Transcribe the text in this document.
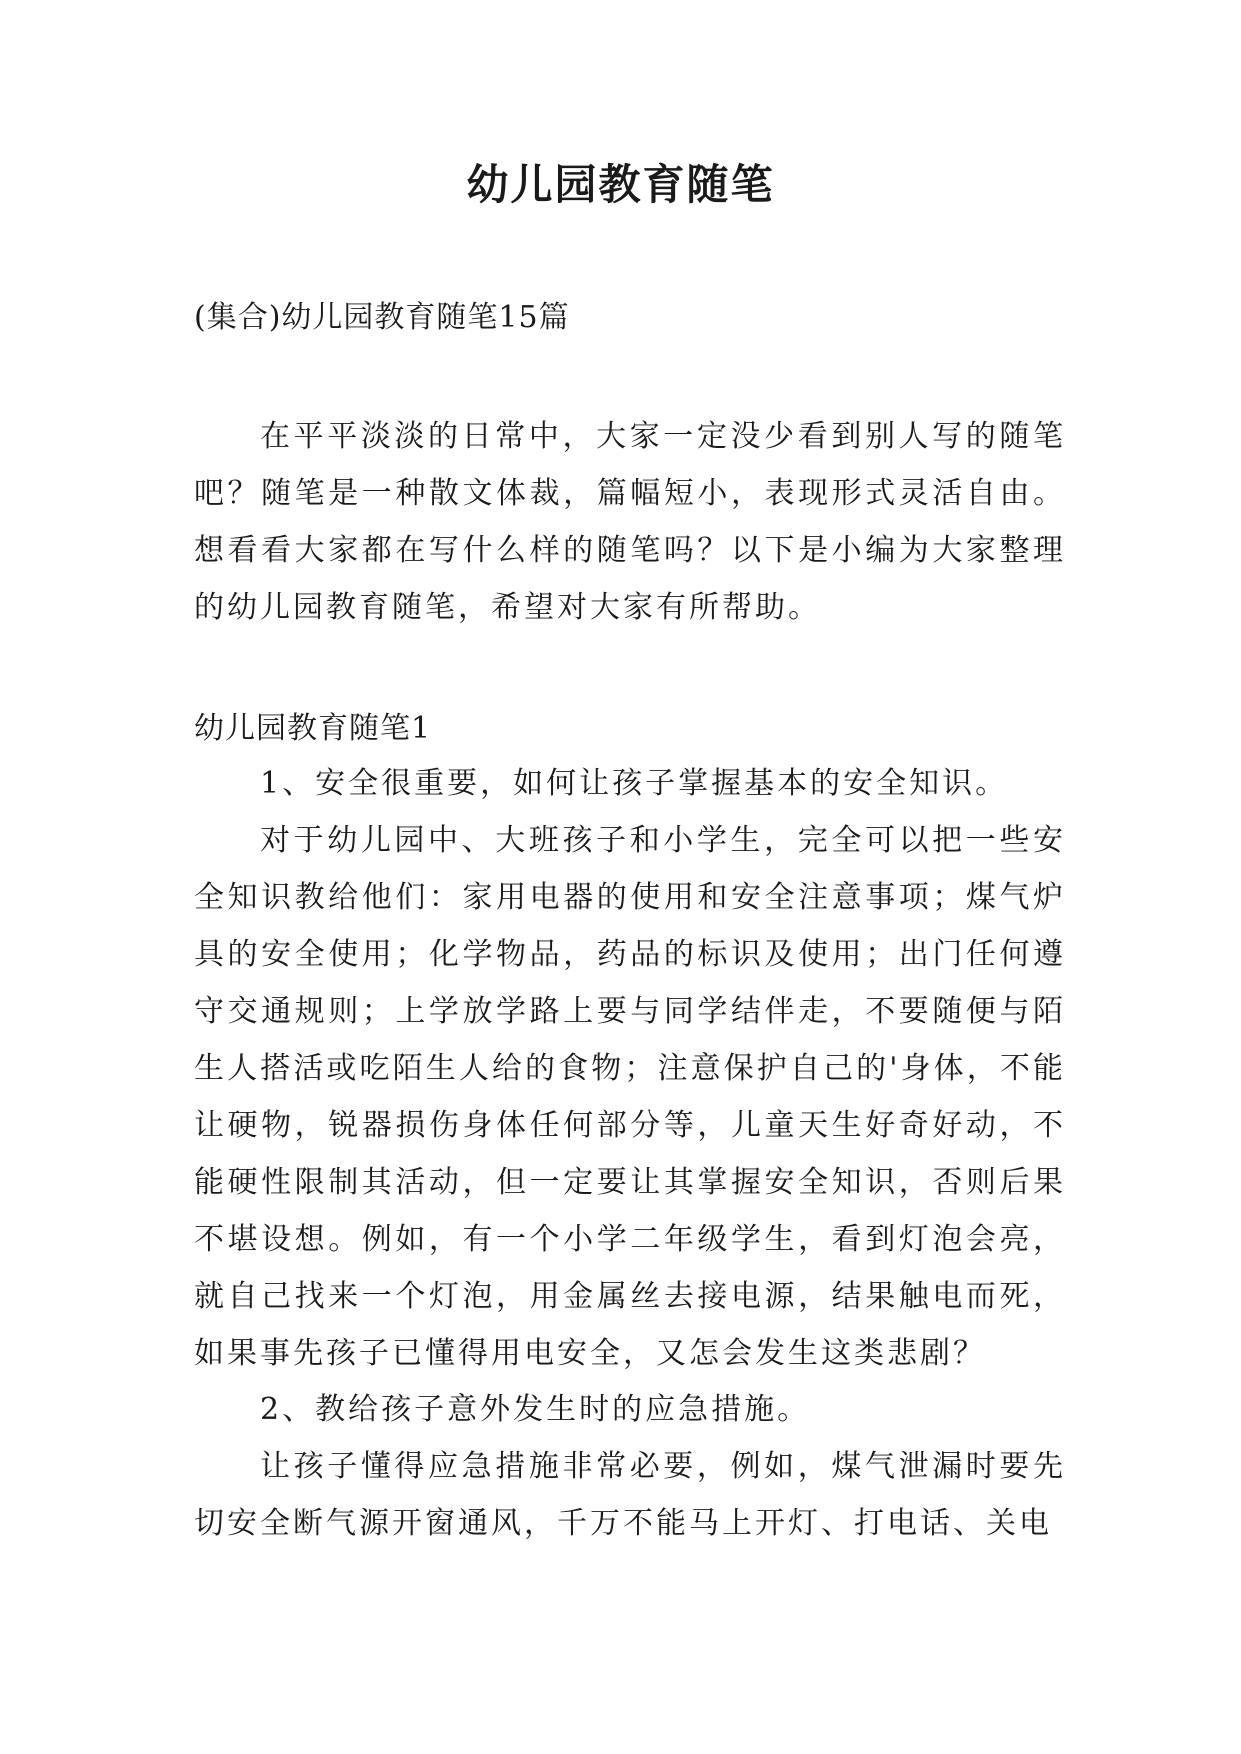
幼儿园教育随笔

(集合)幼儿园教育随笔15篇

在平平淡淡的日常中，大家一定没少看到别人写的随笔吧？随笔是一种散文体裁，篇幅短小，表现形式灵活自由。想看看大家都在写什么样的随笔吗？以下是小编为大家整理的幼儿园教育随笔，希望对大家有所帮助。

幼儿园教育随笔1

1、安全很重要，如何让孩子掌握基本的安全知识。

对于幼儿园中、大班孩子和小学生，完全可以把一些安全知识教给他们：家用电器的使用和安全注意事项；煤气炉具的安全使用；化学物品，药品的标识及使用；出门任何遵守交通规则；上学放学路上要与同学结伴走，不要随便与陌生人搭活或吃陌生人给的食物；注意保护自己的'身体，不能让硬物，锐器损伤身体任何部分等，儿童天生好奇好动，不能硬性限制其活动，但一定要让其掌握安全知识，否则后果不堪设想。例如，有一个小学二年级学生，看到灯泡会亮，就自己找来一个灯泡，用金属丝去接电源，结果触电而死，如果事先孩子已懂得用电安全，又怎会发生这类悲剧？

2、教给孩子意外发生时的应急措施。

让孩子懂得应急措施非常必要，例如，煤气泄漏时要先切安全断气源开窗通风，千万不能马上开灯、打电话、关电
